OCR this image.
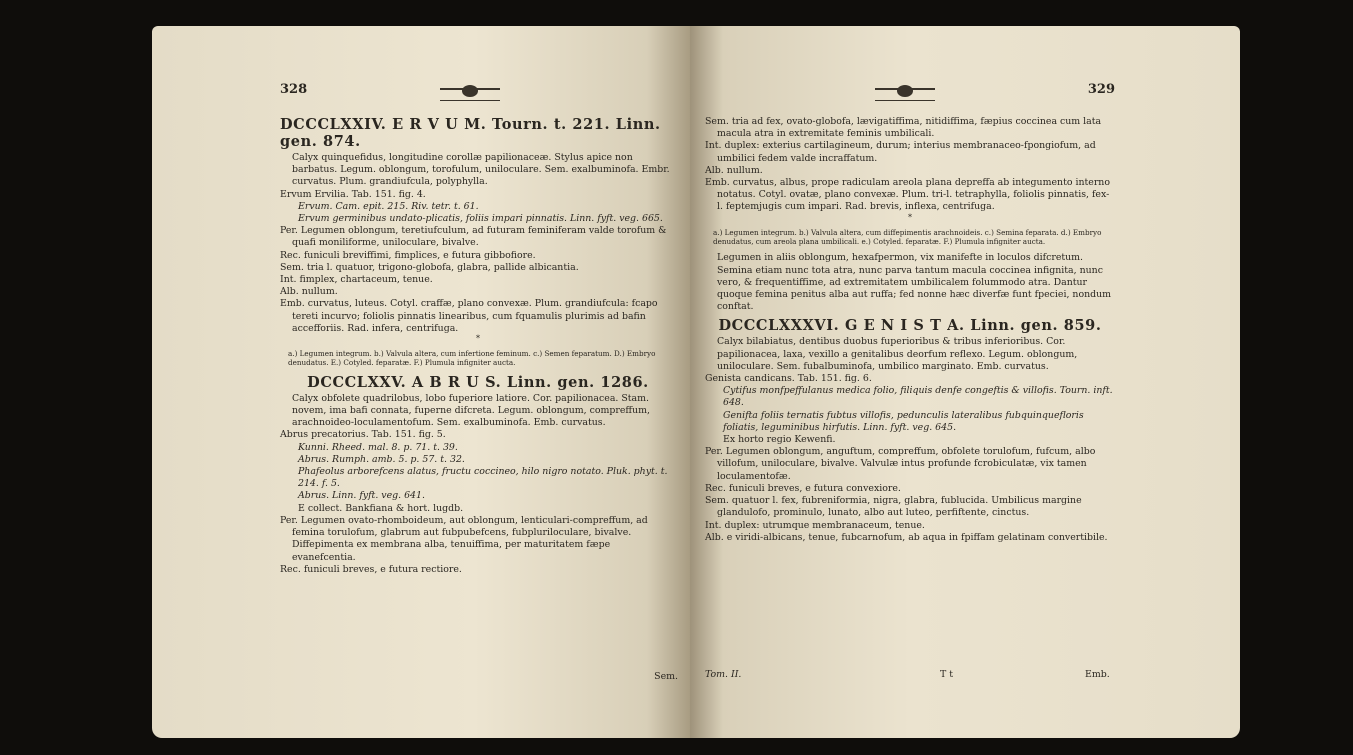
328
DCCCLXXIV. E R V U M. Tourn. t. 221. Linn. gen. 874.

Calyx quinquefidus, longitudine corollæ papilionaceæ. Stylus apice non barbatus. Legum. oblongum, torofulum, uniloculare. Sem. exalbuminofa. Embr. curvatus. Plum. grandiufcula, polyphylla.

Ervum Ervilia. Tab. 151. fig. 4.

Ervum. Cam. epit. 215. Riv. tetr. t. 61.

Ervum germinibus undato-plicatis, foliis impari pinnatis. Linn. fyft. veg. 665.

Per. Legumen oblongum, teretiufculum, ad futuram feminiferam valde torofum & quafi moniliforme, uniloculare, bivalve.

Rec. funiculi breviffimi, fimplices, e futura gibbofiore.

Sem. tria l. quatuor, trigono-globofa, glabra, pallide albicantia.

Int. fimplex, chartaceum, tenue.

Alb. nullum.

Emb. curvatus, luteus. Cotyl. craffæ, plano convexæ. Plum. grandiufcula: fcapo tereti incurvo; foliolis pinnatis linearibus, cum fquamulis plurimis ad bafin accefforiis. Rad. infera, centrifuga.

*

a.) Legumen integrum. b.) Valvula altera, cum infertione feminum. c.) Semen feparatum. D.) Embryo denudatus. E.) Cotyled. feparatæ. F.) Plumula infigniter aucta.

DCCCLXXV. A B R U S. Linn. gen. 1286.

Calyx obfolete quadrilobus, lobo fuperiore latiore. Cor. papilionacea. Stam. novem, ima bafi connata, fuperne difcreta. Legum. oblongum, compreffum, arachnoideo-loculamentofum. Sem. exalbuminofa. Emb. curvatus.

Abrus precatorius. Tab. 151. fig. 5.

Kunni. Rheed. mal. 8. p. 71. t. 39.

Abrus. Rumph. amb. 5. p. 57. t. 32.

Phafeolus arborefcens alatus, fructu coccineo, hilo nigro notato. Pluk. phyt. t. 214. f. 5.

Abrus. Linn. fyft. veg. 641.

E collect. Bankfiana & hort. lugdb.

Per. Legumen ovato-rhomboideum, aut oblongum, lenticulari-compreffum, ad femina torulofum, glabrum aut fubpubefcens, fubpluriloculare, bivalve. Diffepimenta ex membrana alba, tenuiffima, per maturitatem fæpe evanefcentia.

Rec. funiculi breves, e futura rectiore.

Sem.
329

Sem. tria ad fex, ovato-globofa, lævigatiffima, nitidiffima, fæpius coccinea cum lata macula atra in extremitate feminis umbilicali.

Int. duplex: exterius cartilagineum, durum; interius membranaceo-fpongiofum, ad umbilici fedem valde incraffatum.

Alb. nullum.

Emb. curvatus, albus, prope radiculam areola plana depreffa ab integumento interno notatus. Cotyl. ovatæ, plano convexæ. Plum. tri-l. tetraphylla, foliolis pinnatis, fex-l. feptemjugis cum impari. Rad. brevis, inflexa, centrifuga.

*

a.) Legumen integrum. b.) Valvula altera, cum diffepimentis arachnoideis. c.) Semina feparata. d.) Embryo denudatus, cum areola plana umbilicali. e.) Cotyled. feparatæ. F.) Plumula infigniter aucta.

Legumen in aliis oblongum, hexafpermon, vix manifefte in loculos difcretum. Semina etiam nunc tota atra, nunc parva tantum macula coccinea infignita, nunc vero, & frequentiffime, ad extremitatem umbilicalem folummodo atra. Dantur quoque femina penitus alba aut ruffa; fed nonne hæc diverfæ funt fpeciei, nondum conftat.

DCCCLXXXVI. G E N I S T A. Linn. gen. 859.

Calyx bilabiatus, dentibus duobus fuperioribus & tribus inferioribus. Cor. papilionacea, laxa, vexillo a genitalibus deorfum reflexo. Legum. oblongum, uniloculare. Sem. fubalbuminofa, umbilico marginato. Emb. curvatus.

Genista candicans. Tab. 151. fig. 6.

Cytifus monfpeffulanus medica folio, filiquis denfe congeftis & villofis. Tourn. inft. 648.

Genifta foliis ternatis fubtus villofis, pedunculis lateralibus fubquinquefloris foliatis, leguminibus hirfutis. Linn. fyft. veg. 645.

Ex horto regio Kewenfi.

Per. Legumen oblongum, anguftum, compreffum, obfolete torulofum, fufcum, albo villofum, uniloculare, bivalve. Valvulæ intus profunde fcrobiculatæ, vix tamen loculamentofæ.

Rec. funiculi breves, e futura convexiore.

Sem. quatuor l. fex, fubreniformia, nigra, glabra, fublucida. Umbilicus margine glandulofo, prominulo, lunato, albo aut luteo, perfiftente, cinctus.

Int. duplex: utrumque membranaceum, tenue.

Alb. e viridi-albicans, tenue, fubcarnofum, ab aqua in fpiffam gelatinam convertibile.

Tom. II.	T t	Emb.
